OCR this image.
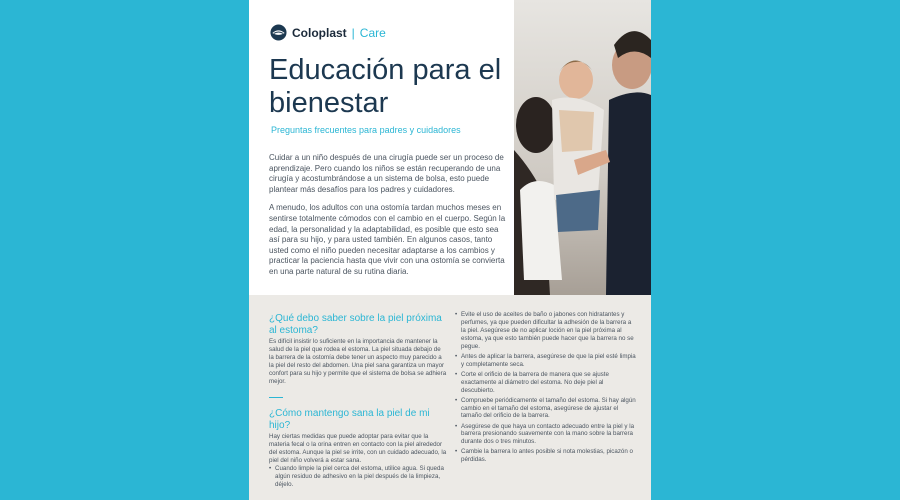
Coloplast | Care
Educación para el bienestar

Preguntas frecuentes para padres y cuidadores

Cuidar a un niño después de una cirugía puede ser un proceso de aprendizaje. Pero cuando los niños se están recuperando de una cirugía y acostumbrándose a un sistema de bolsa, esto puede plantear más desafíos para los padres y cuidadores.

A menudo, los adultos con una ostomía tardan muchos meses en sentirse totalmente cómodos con el cambio en el cuerpo. Según la edad, la personalidad y la adaptabilidad, es posible que esto sea así para su hijo, y para usted también. En algunos casos, tanto usted como el niño pueden necesitar adaptarse a los cambios y practicar la paciencia hasta que vivir con una ostomía se convierta en una parte natural de su rutina diaria.

¿Qué debo saber sobre la piel próxima al estoma?

Es difícil insistir lo suficiente en la importancia de mantener la salud de la piel que rodea el estoma. La piel situada debajo de la barrera de la ostomía debe tener un aspecto muy parecido a la piel del resto del abdomen. Una piel sana garantiza un mayor confort para su hijo y permite que el sistema de bolsa se adhiera mejor.

¿Cómo mantengo sana la piel de mi hijo?

Hay ciertas medidas que puede adoptar para evitar que la materia fecal o la orina entren en contacto con la piel alrededor del estoma. Aunque la piel se irrite, con un cuidado adecuado, la piel del niño volverá a estar sana.

• Cuando limpie la piel cerca del estoma, utilice agua. Si queda algún residuo de adhesivo en la piel después de la limpieza, déjelo.
• Evite el uso de aceites de baño o jabones con hidratantes y perfumes, ya que pueden dificultar la adhesión de la barrera a la piel. Asegúrese de no aplicar loción en la piel próxima al estoma, ya que esto también puede hacer que la barrera no se pegue.
• Antes de aplicar la barrera, asegúrese de que la piel esté limpia y completamente seca.
• Corte el orificio de la barrera de manera que se ajuste exactamente al diámetro del estoma. No deje piel al descubierto.
• Compruebe periódicamente el tamaño del estoma. Si hay algún cambio en el tamaño del estoma, asegúrese de ajustar el tamaño del orificio de la barrera.
• Asegúrese de que haya un contacto adecuado entre la piel y la barrera presionando suavemente con la mano sobre la barrera durante dos o tres minutos.
• Cambie la barrera lo antes posible si nota molestias, picazón o pérdidas.
